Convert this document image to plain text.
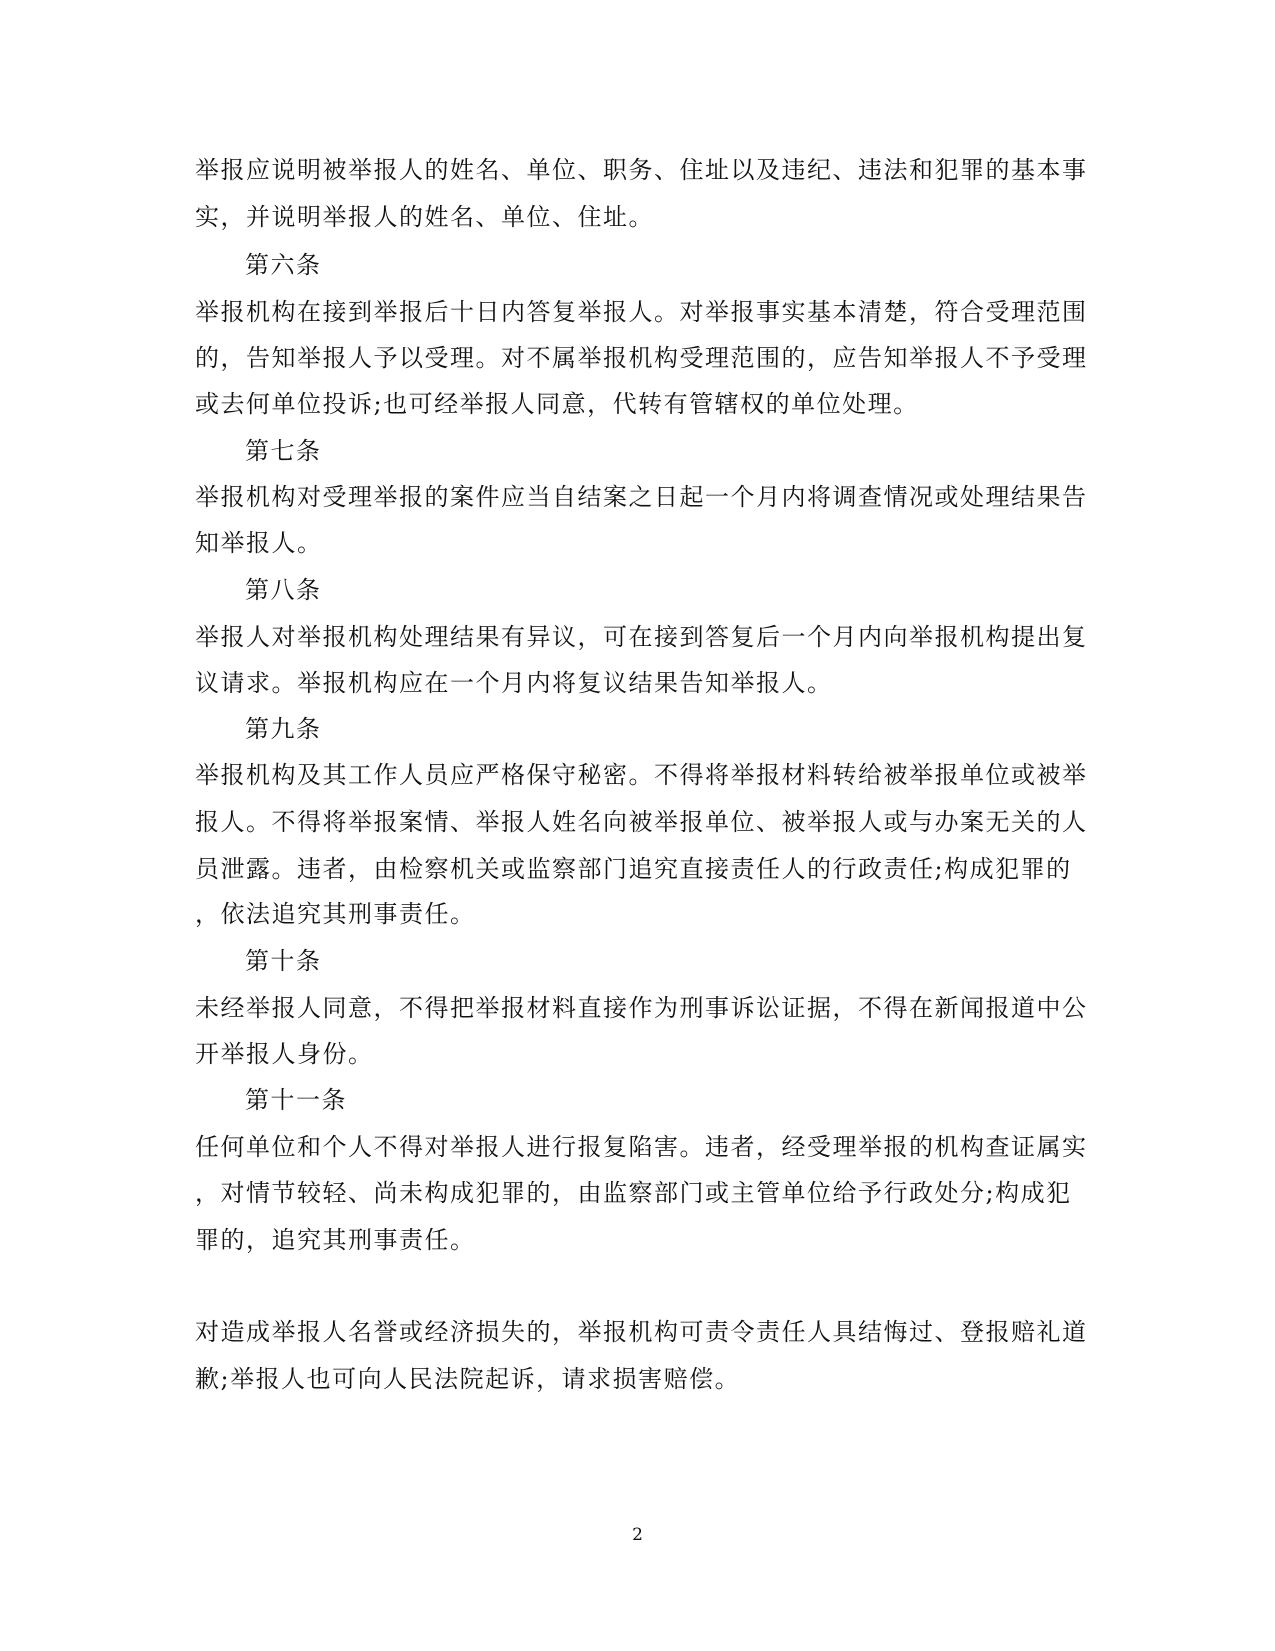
举报应说明被举报人的姓名、单位、职务、住址以及违纪、违法和犯罪的基本事
实，并说明举报人的姓名、单位、住址。
第六条
举报机构在接到举报后十日内答复举报人。对举报事实基本清楚，符合受理范围
的，告知举报人予以受理。对不属举报机构受理范围的，应告知举报人不予受理
或去何单位投诉;也可经举报人同意，代转有管辖权的单位处理。
第七条
举报机构对受理举报的案件应当自结案之日起一个月内将调查情况或处理结果告
知举报人。
第八条
举报人对举报机构处理结果有异议，可在接到答复后一个月内向举报机构提出复
议请求。举报机构应在一个月内将复议结果告知举报人。
第九条
举报机构及其工作人员应严格保守秘密。不得将举报材料转给被举报单位或被举
报人。不得将举报案情、举报人姓名向被举报单位、被举报人或与办案无关的人
员泄露。违者，由检察机关或监察部门追究直接责任人的行政责任;构成犯罪的
，依法追究其刑事责任。
第十条
未经举报人同意，不得把举报材料直接作为刑事诉讼证据，不得在新闻报道中公
开举报人身份。
第十一条
任何单位和个人不得对举报人进行报复陷害。违者，经受理举报的机构查证属实
，对情节较轻、尚未构成犯罪的，由监察部门或主管单位给予行政处分;构成犯
罪的，追究其刑事责任。
对造成举报人名誉或经济损失的，举报机构可责令责任人具结悔过、登报赔礼道
歉;举报人也可向人民法院起诉，请求损害赔偿。
2
